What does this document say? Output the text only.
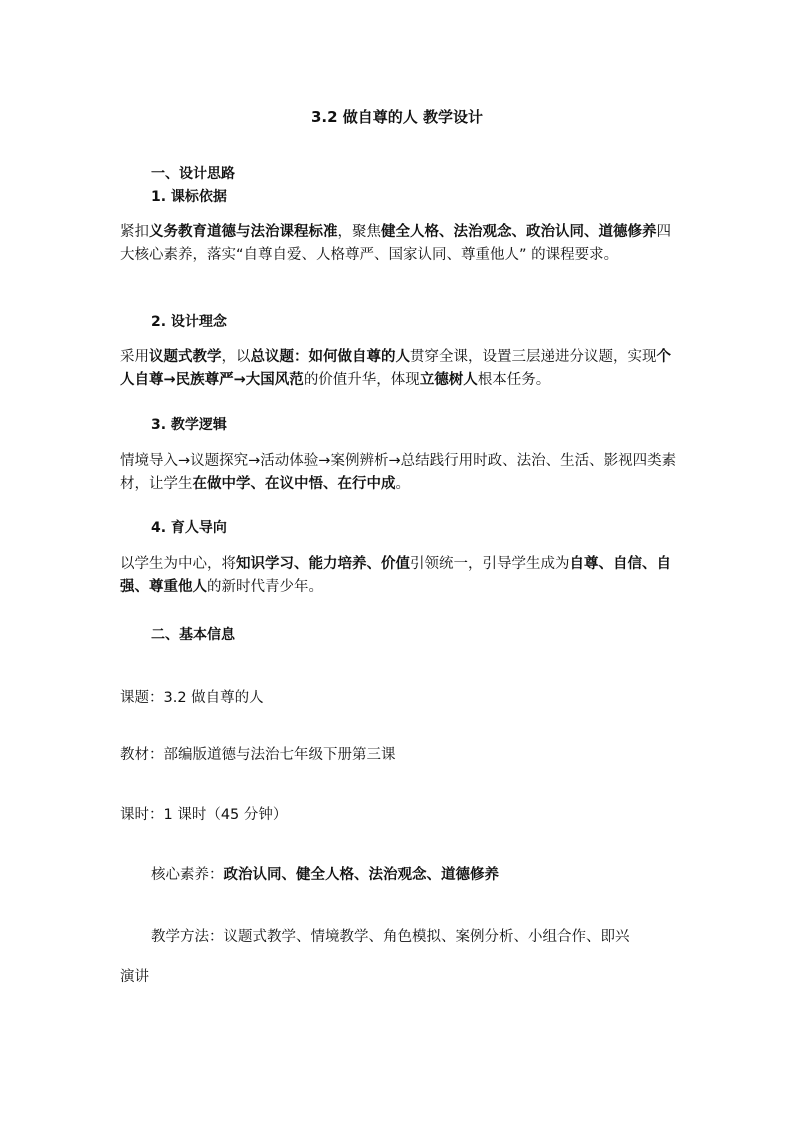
3.2 做自尊的人 教学设计
一、设计思路
1. 课标依据
紧扣义务教育道德与法治课程标准，聚焦健全人格、法治观念、政治认同、道德修养四大核心素养，落实“自尊自爱、人格尊严、国家认同、尊重他人” 的课程要求。
2. 设计理念
采用议题式教学，以总议题：如何做自尊的人贯穿全课，设置三层递进分议题，实现个人自尊→民族尊严→大国风范的价值升华，体现立德树人根本任务。
3. 教学逻辑
情境导入→议题探究→活动体验→案例辨析→总结践行用时政、法治、生活、影视四类素材，让学生在做中学、在议中悟、在行中成。
4. 育人导向
以学生为中心，将知识学习、能力培养、价值引领统一，引导学生成为自尊、自信、自强、尊重他人的新时代青少年。
二、基本信息
课题：3.2 做自尊的人
教材：部编版道德与法治七年级下册第三课
课时：1 课时（45 分钟）
核心素养：政治认同、健全人格、法治观念、道德修养
教学方法：议题式教学、情境教学、角色模拟、案例分析、小组合作、即兴
演讲
